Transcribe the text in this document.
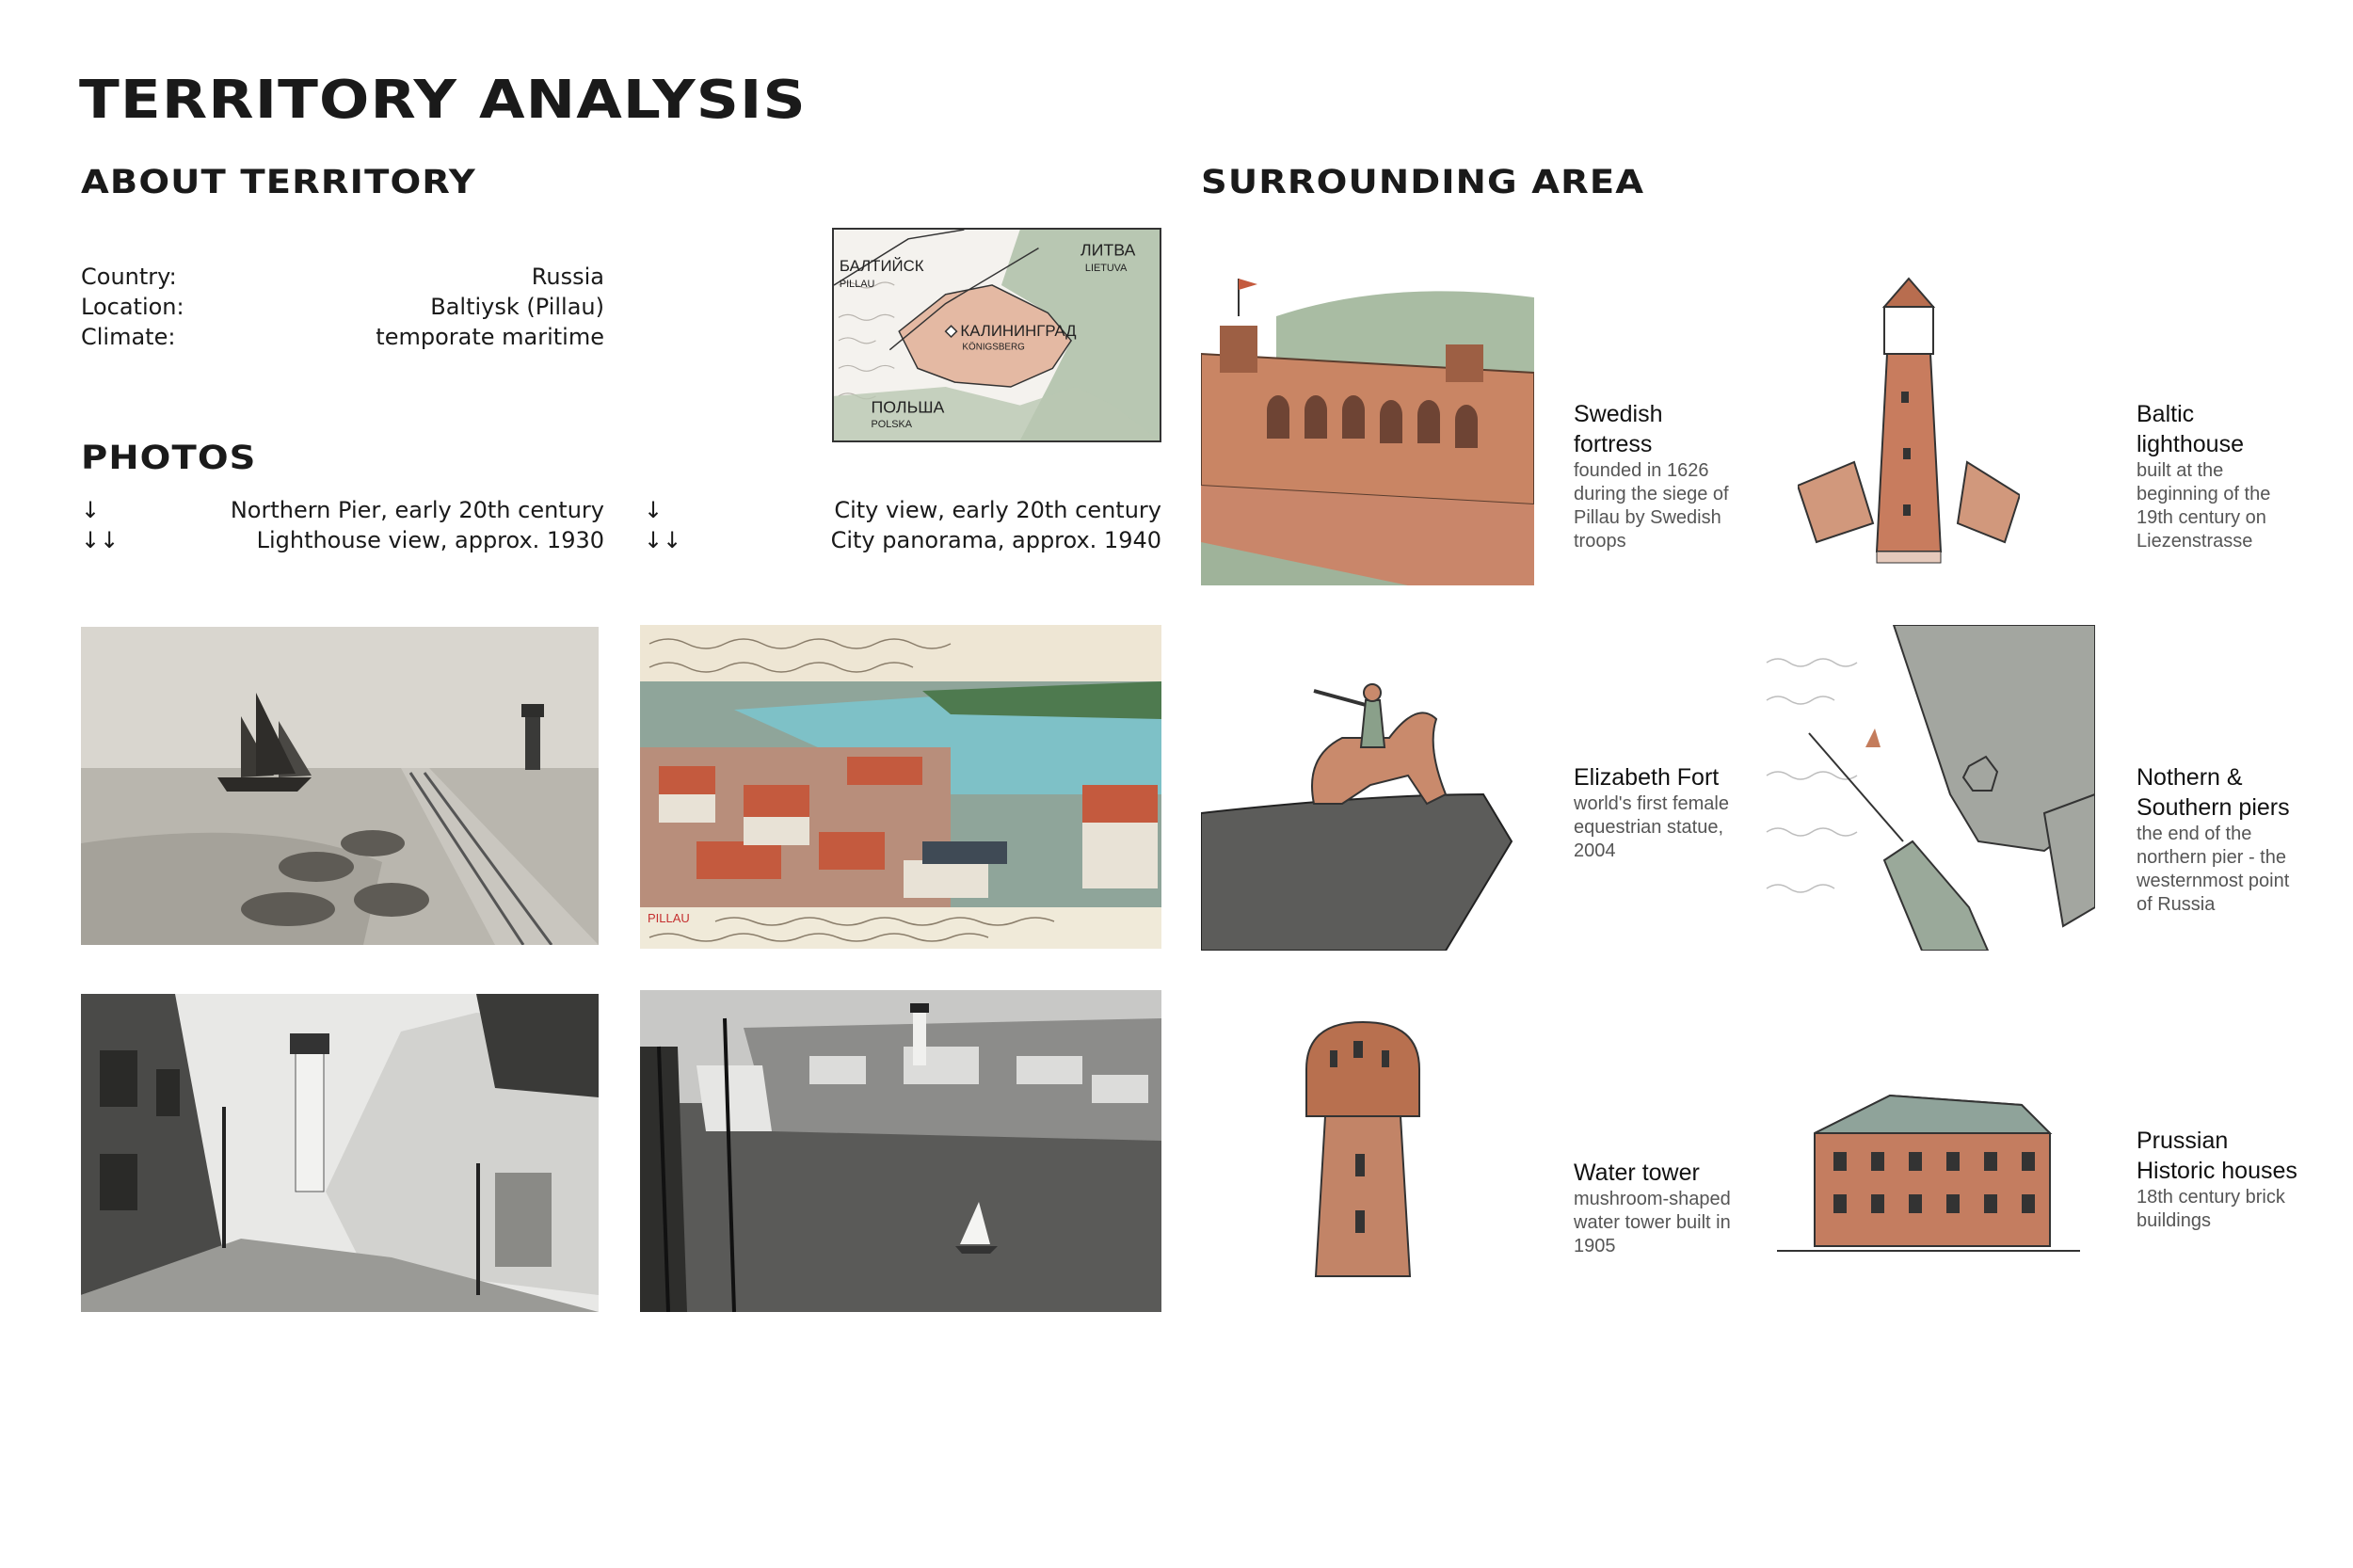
TERRITORY ANALYSIS
ABOUT TERRITORY
Country:	Russia
Location:	Baltiysk (Pillau)
Climate:	temporate maritime
БАЛТИЙСК
PILLAU
ЛИТВА
LIETUVA
КАЛИНИНГРАД
KÖNIGSBERG
ПОЛЬША
POLSKA
PHOTOS
↓	Northern Pier, early 20th century
↓↓	Lighthouse view, approx. 1930
↓	City view, early 20th century
↓↓	City panorama, approx. 1940
PILLAU
SURROUNDING AREA
Swedish fortress
founded in 1626 during the siege of Pillau by Swedish troops
Baltic lighthouse
built at the beginning of the 19th century on Liezenstrasse
Elizabeth Fort
world's first female equestrian statue, 2004
Nothern & Southern piers
the end of the northern pier - the westernmost point of Russia
Water tower
mushroom-shaped water tower built in 1905
Prussian Historic houses
18th century brick buildings
